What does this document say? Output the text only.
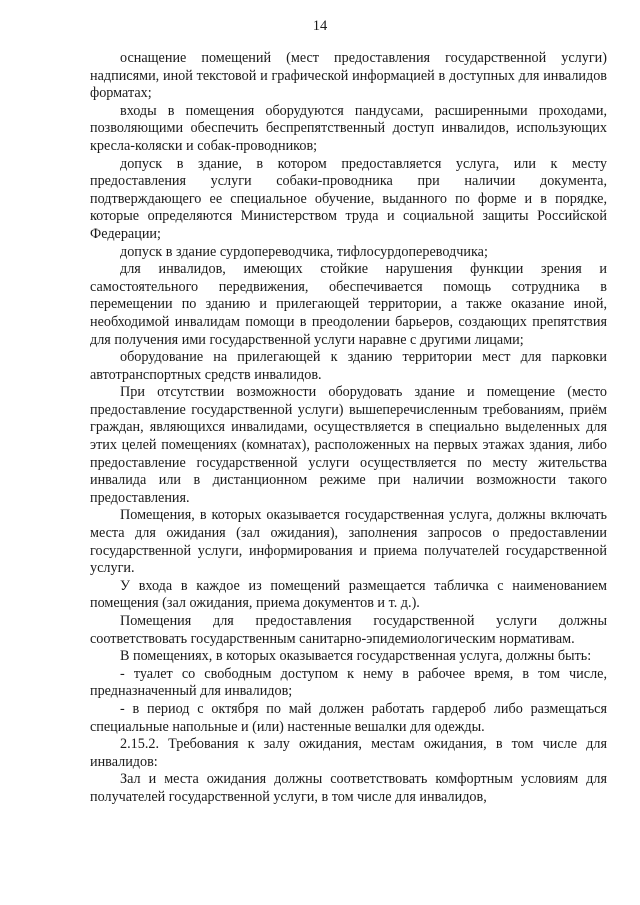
14

оснащение помещений (мест предоставления государственной услуги) надписями, иной текстовой и графической информацией в доступных для инвалидов форматах;

входы в помещения оборудуются пандусами, расширенными проходами, позволяющими обеспечить беспрепятственный доступ инвалидов, использующих кресла-коляски и собак-проводников;

допуск в здание, в котором предоставляется услуга, или к месту предоставления услуги собаки-проводника при наличии документа, подтверждающего ее специальное обучение, выданного по форме и в порядке, которые определяются Министерством труда и социальной защиты Российской Федерации;

допуск в здание сурдопереводчика, тифлосурдопереводчика;

для инвалидов, имеющих стойкие нарушения функции зрения и самостоятельного передвижения, обеспечивается помощь сотрудника в перемещении по зданию и прилегающей территории, а также оказание иной, необходимой инвалидам помощи в преодолении барьеров, создающих препятствия для получения ими государственной услуги наравне с другими лицами;

оборудование на прилегающей к зданию территории мест для парковки автотранспортных средств инвалидов.

При отсутствии возможности оборудовать здание и помещение (место предоставление государственной услуги) вышеперечисленным требованиям, приём граждан, являющихся инвалидами, осуществляется в специально выделенных для этих целей помещениях (комнатах), расположенных на первых этажах здания, либо предоставление государственной услуги осуществляется по месту жительства инвалида или в дистанционном режиме при наличии возможности такого предоставления.

Помещения, в которых оказывается государственная услуга, должны включать места для ожидания (зал ожидания), заполнения запросов о предоставлении государственной услуги, информирования и приема получателей государственной услуги.

У входа в каждое из помещений размещается табличка с наименованием помещения (зал ожидания, приема документов и т. д.).

Помещения для предоставления государственной услуги должны соответствовать государственным санитарно-эпидемиологическим нормативам.

В помещениях, в которых оказывается государственная услуга, должны быть:

- туалет со свободным доступом к нему в рабочее время, в том числе, предназначенный для инвалидов;

- в период с октября по май должен работать гардероб либо размещаться специальные напольные и (или) настенные вешалки для одежды.

2.15.2. Требования к залу ожидания, местам ожидания, в том числе для инвалидов:

Зал и места ожидания должны соответствовать комфортным условиям для получателей государственной услуги, в том числе для инвалидов,
